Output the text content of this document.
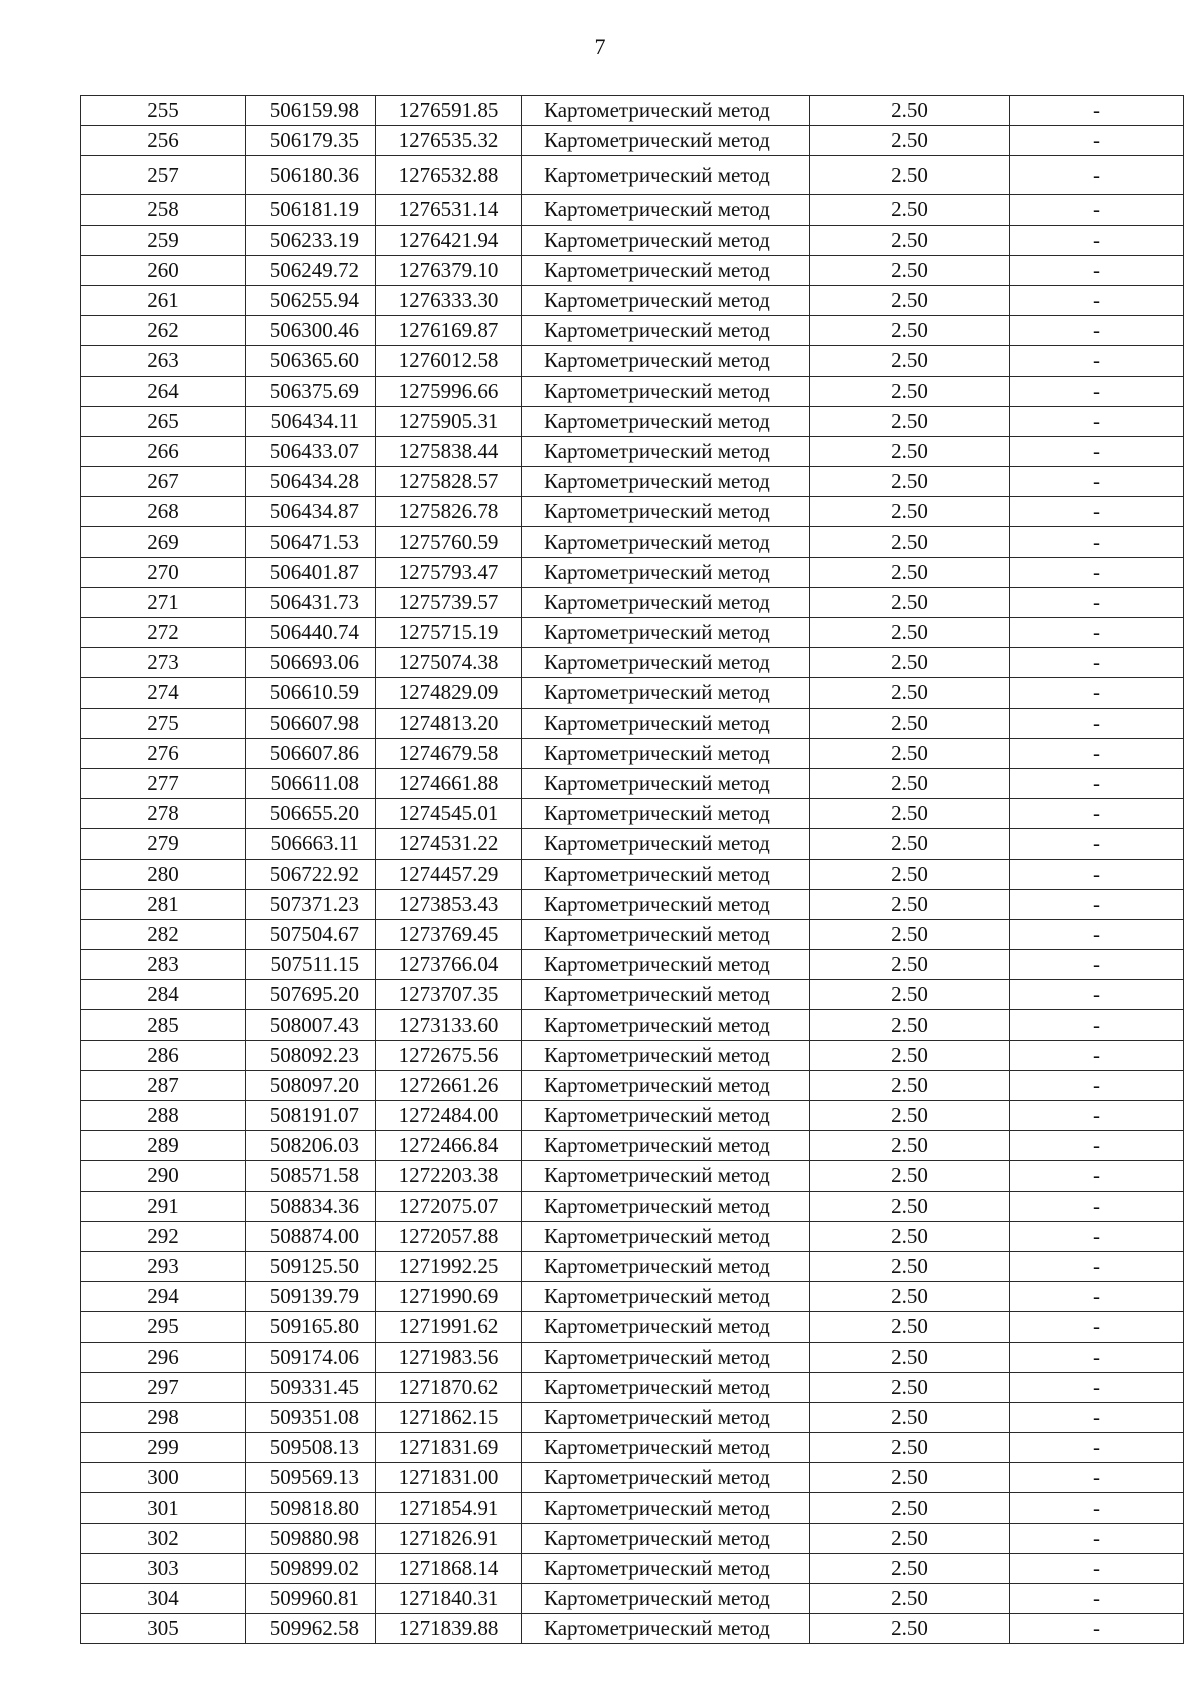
7
255	506159.98	1276591.85	Картометрический метод	2.50	-
256	506179.35	1276535.32	Картометрический метод	2.50	-
257	506180.36	1276532.88	Картометрический метод	2.50	-
258	506181.19	1276531.14	Картометрический метод	2.50	-
259	506233.19	1276421.94	Картометрический метод	2.50	-
260	506249.72	1276379.10	Картометрический метод	2.50	-
261	506255.94	1276333.30	Картометрический метод	2.50	-
262	506300.46	1276169.87	Картометрический метод	2.50	-
263	506365.60	1276012.58	Картометрический метод	2.50	-
264	506375.69	1275996.66	Картометрический метод	2.50	-
265	506434.11	1275905.31	Картометрический метод	2.50	-
266	506433.07	1275838.44	Картометрический метод	2.50	-
267	506434.28	1275828.57	Картометрический метод	2.50	-
268	506434.87	1275826.78	Картометрический метод	2.50	-
269	506471.53	1275760.59	Картометрический метод	2.50	-
270	506401.87	1275793.47	Картометрический метод	2.50	-
271	506431.73	1275739.57	Картометрический метод	2.50	-
272	506440.74	1275715.19	Картометрический метод	2.50	-
273	506693.06	1275074.38	Картометрический метод	2.50	-
274	506610.59	1274829.09	Картометрический метод	2.50	-
275	506607.98	1274813.20	Картометрический метод	2.50	-
276	506607.86	1274679.58	Картометрический метод	2.50	-
277	506611.08	1274661.88	Картометрический метод	2.50	-
278	506655.20	1274545.01	Картометрический метод	2.50	-
279	506663.11	1274531.22	Картометрический метод	2.50	-
280	506722.92	1274457.29	Картометрический метод	2.50	-
281	507371.23	1273853.43	Картометрический метод	2.50	-
282	507504.67	1273769.45	Картометрический метод	2.50	-
283	507511.15	1273766.04	Картометрический метод	2.50	-
284	507695.20	1273707.35	Картометрический метод	2.50	-
285	508007.43	1273133.60	Картометрический метод	2.50	-
286	508092.23	1272675.56	Картометрический метод	2.50	-
287	508097.20	1272661.26	Картометрический метод	2.50	-
288	508191.07	1272484.00	Картометрический метод	2.50	-
289	508206.03	1272466.84	Картометрический метод	2.50	-
290	508571.58	1272203.38	Картометрический метод	2.50	-
291	508834.36	1272075.07	Картометрический метод	2.50	-
292	508874.00	1272057.88	Картометрический метод	2.50	-
293	509125.50	1271992.25	Картометрический метод	2.50	-
294	509139.79	1271990.69	Картометрический метод	2.50	-
295	509165.80	1271991.62	Картометрический метод	2.50	-
296	509174.06	1271983.56	Картометрический метод	2.50	-
297	509331.45	1271870.62	Картометрический метод	2.50	-
298	509351.08	1271862.15	Картометрический метод	2.50	-
299	509508.13	1271831.69	Картометрический метод	2.50	-
300	509569.13	1271831.00	Картометрический метод	2.50	-
301	509818.80	1271854.91	Картометрический метод	2.50	-
302	509880.98	1271826.91	Картометрический метод	2.50	-
303	509899.02	1271868.14	Картометрический метод	2.50	-
304	509960.81	1271840.31	Картометрический метод	2.50	-
305	509962.58	1271839.88	Картометрический метод	2.50	-
